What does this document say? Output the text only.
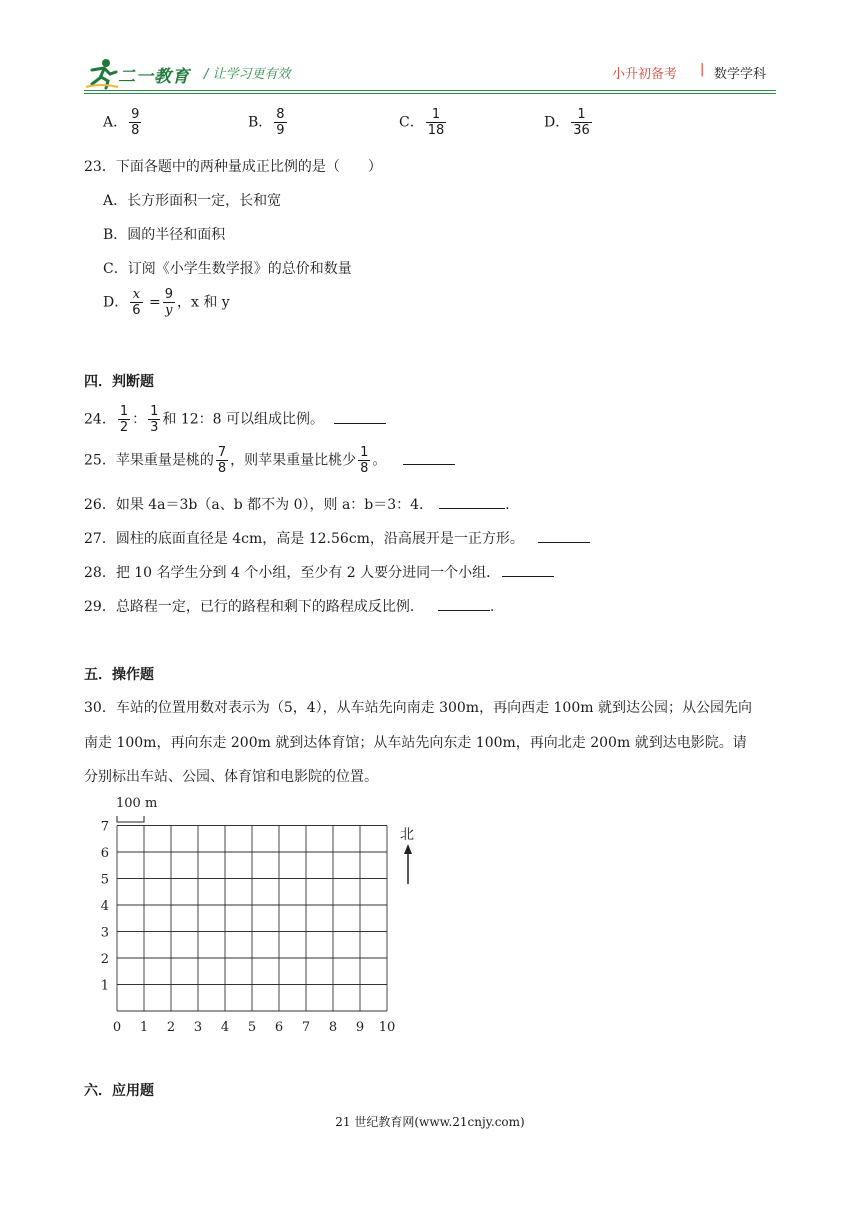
二一教育 / 让学习更有效	小升初备考 | 数学学科
A． $\frac{9}{8}$	B． $\frac{8}{9}$	C． $\frac{1}{18}$	D． $\frac{1}{36}$
23．下面各题中的两种量成正比例的是（　　）
A．长方形面积一定，长和宽
B．圆的半径和面积
C．订阅《小学生数学报》的总价和数量
D． $\frac{x}{6} = \frac{9}{y}$ ，x 和 y
四．判断题
24． $\frac{1}{2}$ ： $\frac{1}{3}$ 和 12：8 可以组成比例。
25．苹果重量是桃的 $\frac{7}{8}$ ，则苹果重量比桃少 $\frac{1}{8}$ 。
26．如果 4a＝3b（a、b 都不为 0），则 a：b＝3：4．	.
27．圆柱的底面直径是 4cm，高是 12.56cm，沿高展开是一正方形。
28．把 10 名学生分到 4 个小组，至少有 2 人要分进同一个小组．
29．总路程一定，已行的路程和剩下的路程成反比例．	.
五．操作题
30．车站的位置用数对表示为（5，4），从车站先向南走 300m，再向西走 100m 就到达公园；从公园先向
南走 100m，再向东走 200m 就到达体育馆；从车站先向东走 100m，再向北走 200m 就到达电影院。请
分别标出车站、公园、体育馆和电影院的位置。
0 1 2 3 4 5 6 7 8 9 10
1
2
3
4
5
6
7
100 m
北
六．应用题
21 世纪教育网(www.21cnjy.com)
